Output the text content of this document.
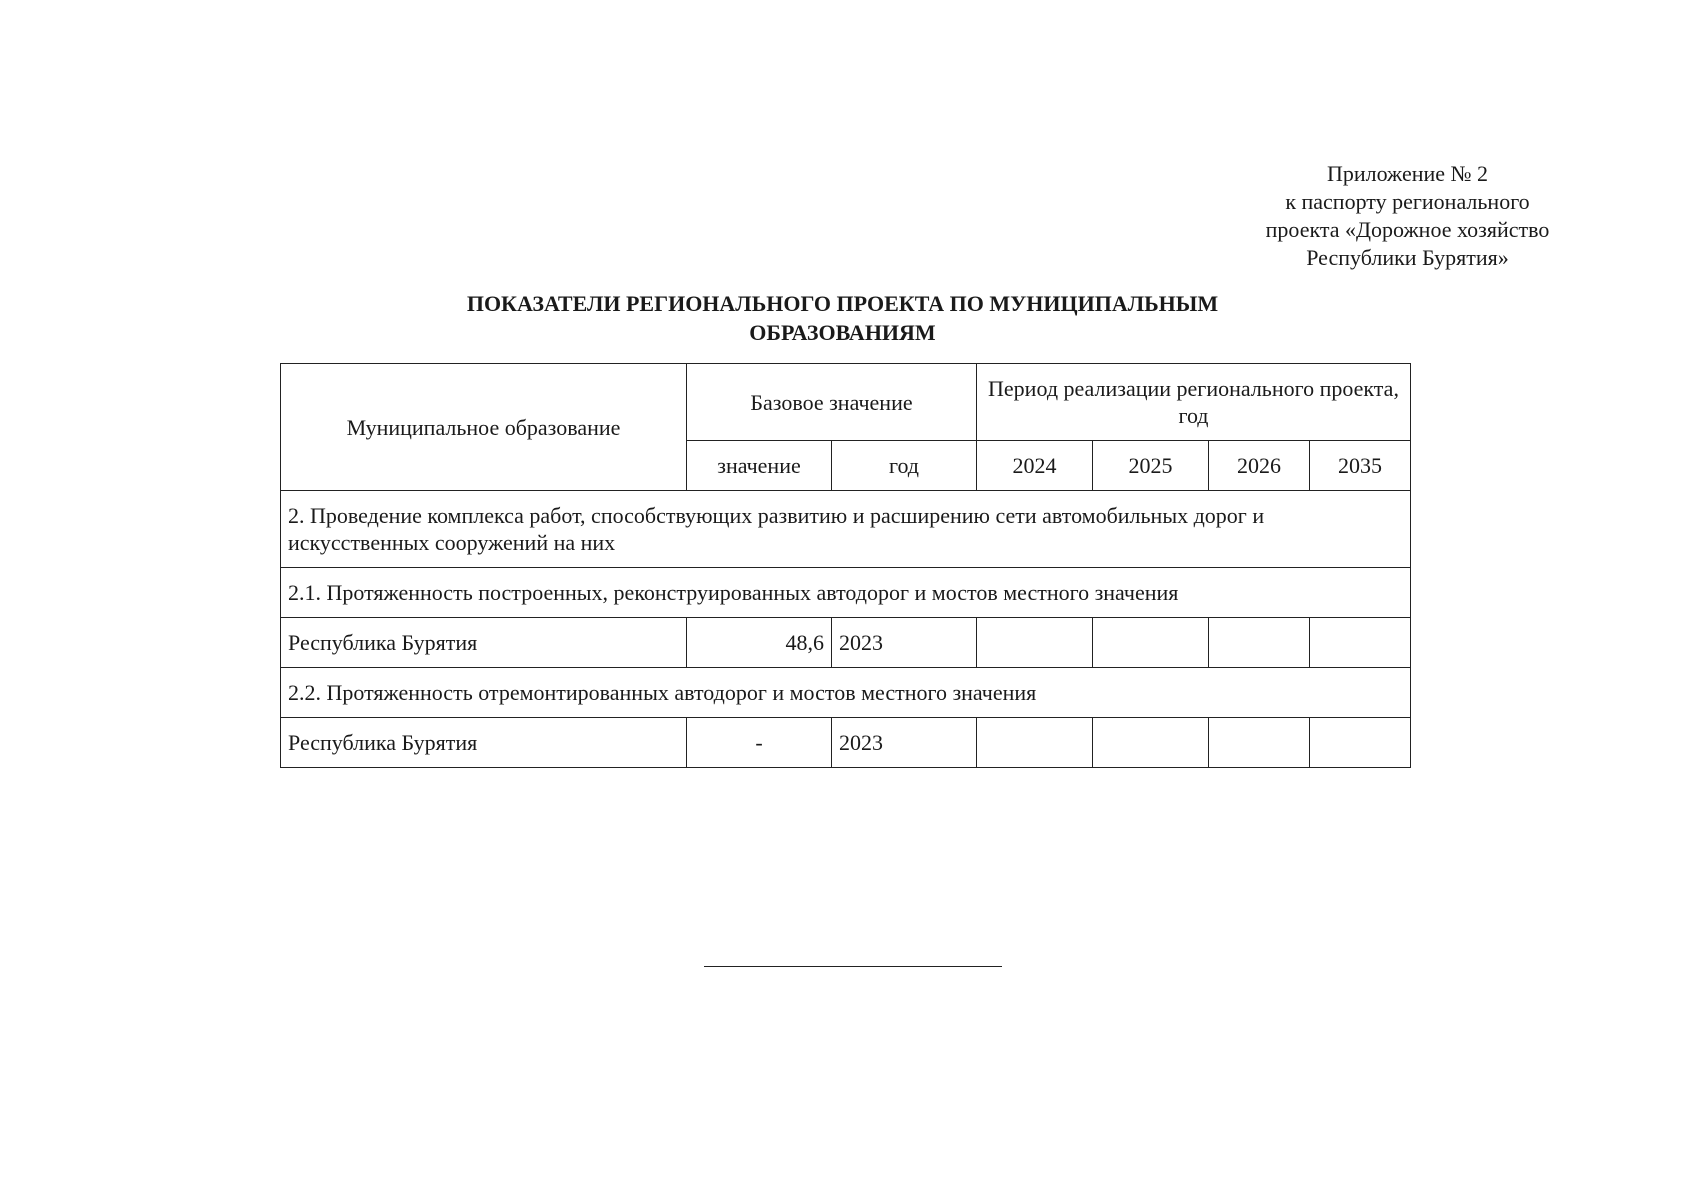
Приложение № 2
к паспорту регионального
проекта «Дорожное хозяйство
Республики Бурятия»
ПОКАЗАТЕЛИ РЕГИОНАЛЬНОГО ПРОЕКТА ПО МУНИЦИПАЛЬНЫМ
ОБРАЗОВАНИЯМ
Муниципальное образование	Базовое значение		Период реализации регионального проекта, год			
	значение	год	2024	2025	2026	2035
2. Проведение комплекса работ, способствующих развитию и расширению сети автомобильных дорог и искусственных сооружений на них						
2.1. Протяженность построенных, реконструированных автодорог и мостов местного значения						
Республика Бурятия	48,6	2023				
2.2. Протяженность отремонтированных автодорог и мостов местного значения						
Республика Бурятия	-	2023				
